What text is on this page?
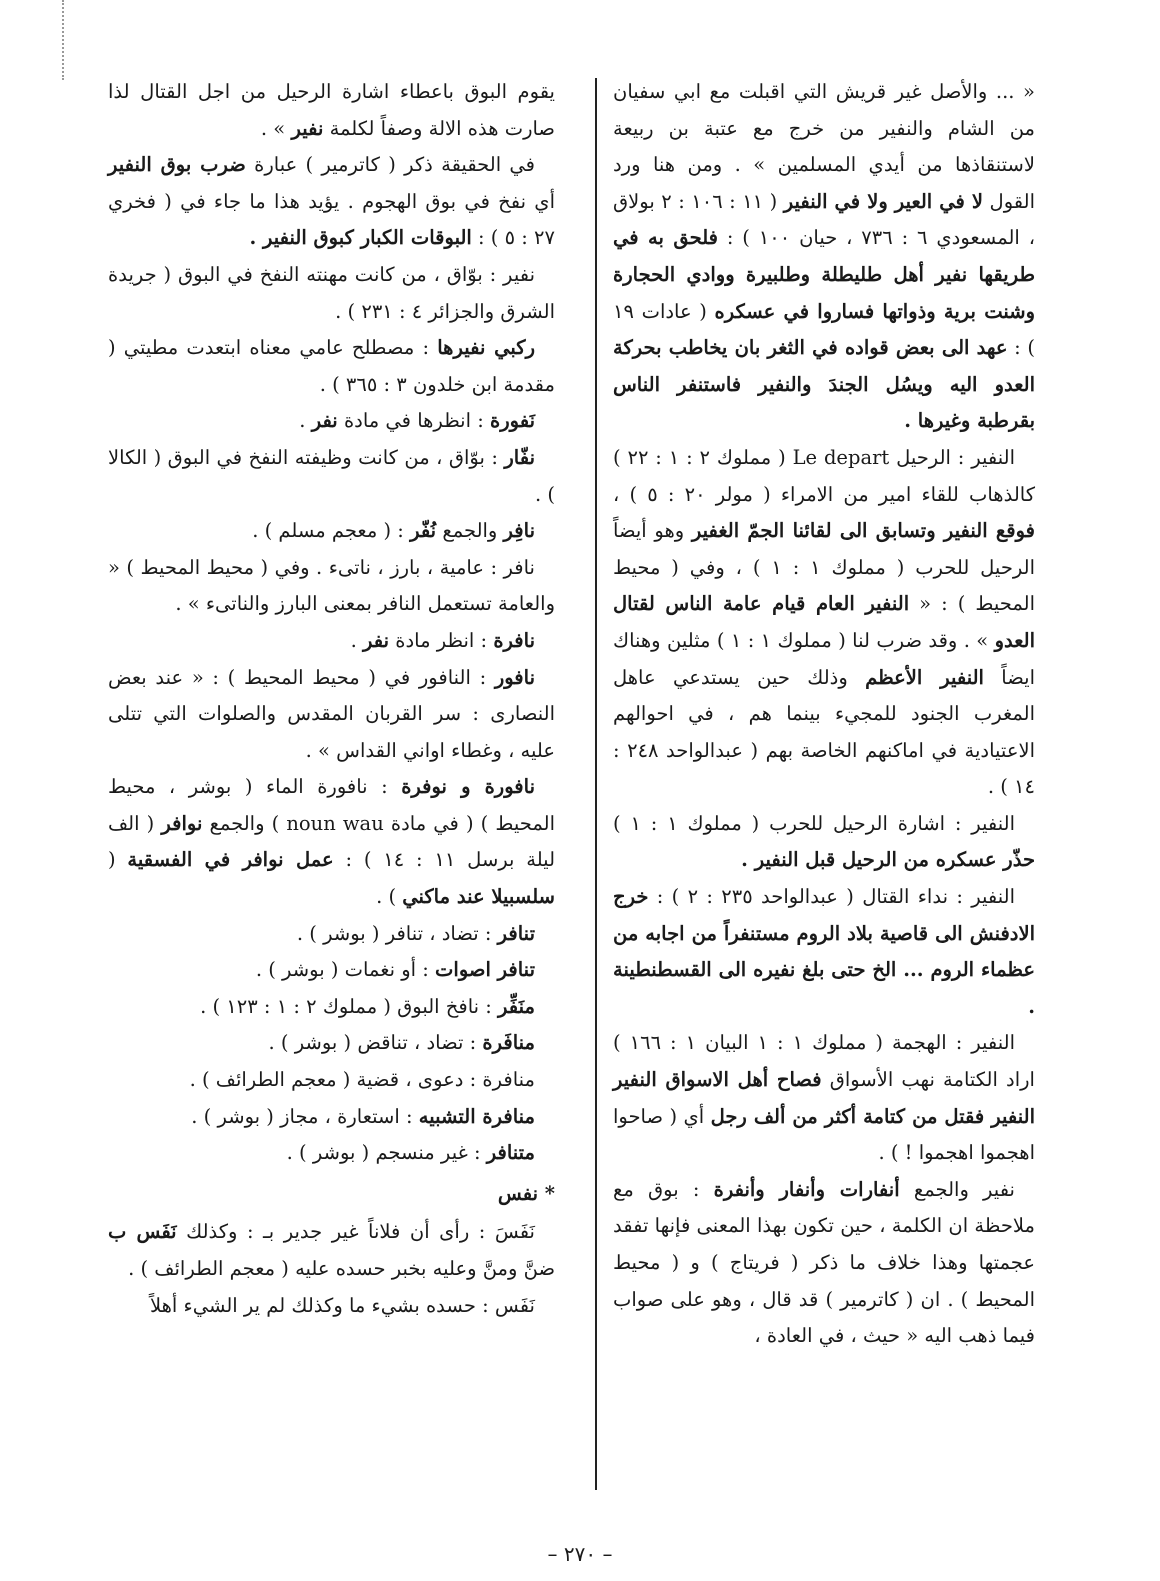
« ... والأصل غير قريش التي اقبلت مع ابي سفيان من الشام والنفير من خرج مع عتبة بن ربيعة لاستنقاذها من أيدي المسلمين » . ومن هنا ورد القول لا في العير ولا في النفير ( ١١ : ١٠٦ : ٢ بولاق ، المسعودي ٦ : ٧٣٦ ، حيان ١٠٠ ) : فلحق به في طريقها نفير أهل طليطلة وطلبيرة ووادي الحجارة وشنت برية وذواتها فساروا في عسكره ( عادات ١٩ ) : عهد الى بعض قواده في الثغر بان يخاطب بحركة العدو اليه ويسُل الجندَ والنفير فاستنفر الناس بقرطبة وغيرها .

النفير : الرحيل Le depart ( مملوك ٢ : ١ : ٢٢ ) كالذهاب للقاء امير من الامراء ( مولر ٢٠ : ٥ ) ، فوقع النفير وتسابق الى لقائنا الجمّ الغفير وهو أيضاً الرحيل للحرب ( مملوك ١ : ١ ) ، وفي ( محيط المحيط ) : « النفير العام قيام عامة الناس لقتال العدو » . وقد ضرب لنا ( مملوك ١ : ١ ) مثلين وهناك ايضاً النفير الأعظم وذلك حين يستدعي عاهل المغرب الجنود للمجيء بينما هم ، في احوالهم الاعتيادية في اماكنهم الخاصة بهم ( عبدالواحد ٢٤٨ : ١٤ ) .

النفير : اشارة الرحيل للحرب ( مملوك ١ : ١ ) حذّر عسكره من الرحيل قبل النفير .

النفير : نداء القتال ( عبدالواحد ٢٣٥ : ٢ ) : خرج الادفنش الى قاصية بلاد الروم مستنفراً من اجابه من عظماء الروم ... الخ حتى بلغ نفيره الى القسطنطينة .

النفير : الهجمة ( مملوك ١ : ١ البيان ١ : ١٦٦ ) اراد الكتامة نهب الأسواق فصاح أهل الاسواق النفير النفير فقتل من كتامة أكثر من ألف رجل أي ( صاحوا اهجموا اهجموا ! ) .

نفير والجمع أنفارات وأنفار وأنفرة : بوق مع ملاحظة ان الكلمة ، حين تكون بهذا المعنى فإنها تفقد عجمتها وهذا خلاف ما ذكر ( فريتاج ) و ( محيط المحيط ) . ان ( كاترمير ) قد قال ، وهو على صواب فيما ذهب اليه « حيث ، في العادة ،

يقوم البوق باعطاء اشارة الرحيل من اجل القتال لذا صارت هذه الالة وصفاً لكلمة نفير » .

في الحقيقة ذكر ( كاترمير ) عبارة ضرب بوق النفير أي نفخ في بوق الهجوم . يؤيد هذا ما جاء في ( فخري ٢٧ : ٥ ) : البوقات الكبار كبوق النفير .

نفير : بوّاق ، من كانت مهنته النفخ في البوق ( جريدة الشرق والجزائر ٤ : ٢٣١ ) .

ركبي نفيرها : مصطلح عامي معناه ابتعدت مطيتي ( مقدمة ابن خلدون ٣ : ٣٦٥ ) .

نَفورة : انظرها في مادة نفر .

نفّار : بوّاق ، من كانت وظيفته النفخ في البوق ( الكالا ) .

نافِر والجمع نُفّر : ( معجم مسلم ) .

نافر : عامية ، بارز ، ناتىء . وفي ( محيط المحيط ) « والعامة تستعمل النافر بمعنى البارز والناتىء » .

نافرة : انظر مادة نفر .

نافور : النافور في ( محيط المحيط ) : « عند بعض النصارى : سر القربان المقدس والصلوات التي تتلى عليه ، وغطاء اواني القداس » .

نافورة و نوفرة : نافورة الماء ( بوشر ، محيط المحيط ) ( في مادة noun wau ) والجمع نوافر ( الف ليلة برسل ١١ : ١٤ ) : عمل نوافر في الفسقية ( سلسبيلا عند ماكني ) .

تنافر : تضاد ، تنافر ( بوشر ) .

تنافر اصوات : أو نغمات ( بوشر ) .

منَفِّر : نافخ البوق ( مملوك ٢ : ١ : ١٢٣ ) .

منافَرة : تضاد ، تناقض ( بوشر ) .

منافرة : دعوى ، قضية ( معجم الطرائف ) .

منافرة التشبيه : استعارة ، مجاز ( بوشر ) .

متنافر : غير منسجم ( بوشر ) .

* نفس

نَفَسَ : رأى أن فلاناً غير جدير بـ : وكذلك نَفَس ب ضنَّ ومنَّ وعليه بخبر حسده عليه ( معجم الطرائف ) .

نَفَس : حسده بشيء ما وكذلك لم ير الشيء أهلاً

– ٢٧٠ –
